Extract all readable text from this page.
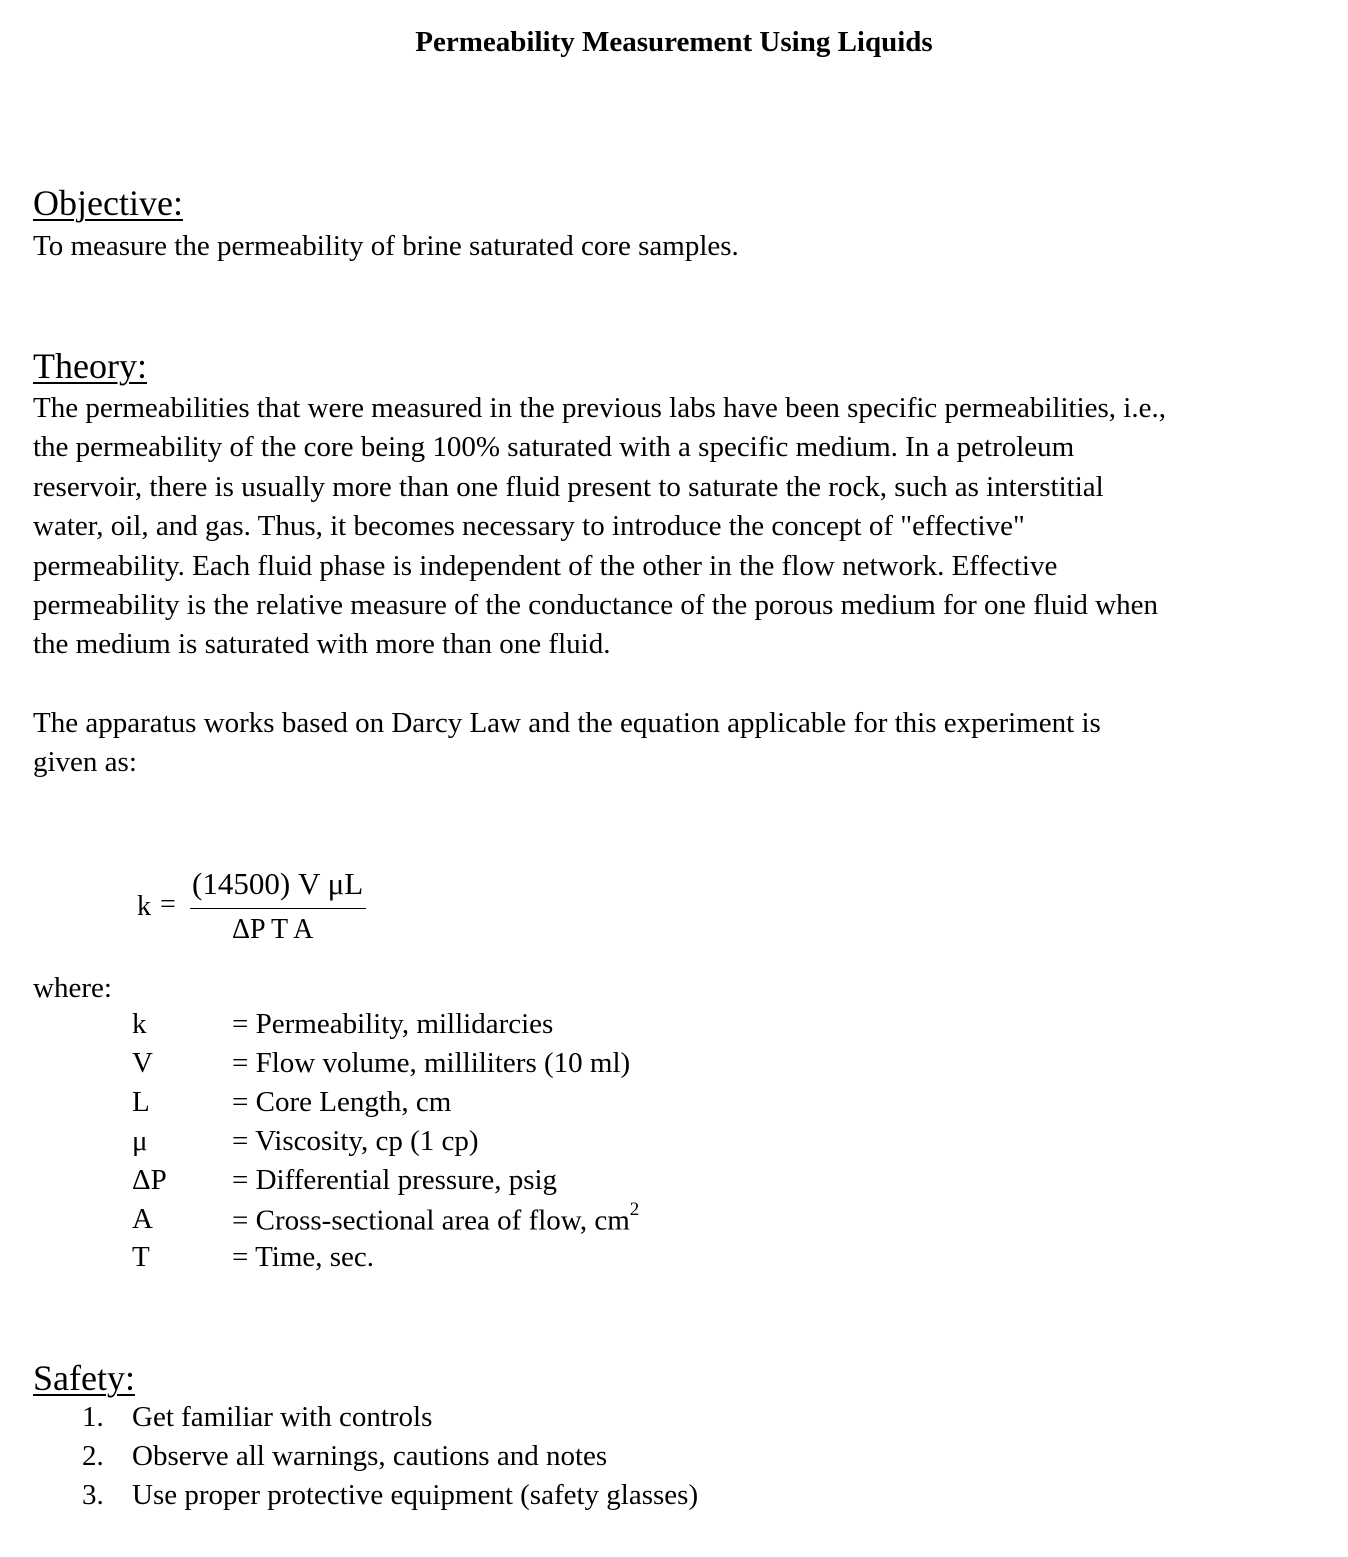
Permeability Measurement Using Liquids
Objective:
To measure the permeability of brine saturated core samples.
Theory:
The permeabilities that were measured in the previous labs have been specific permeabilities, i.e.,
the permeability of the core being 100% saturated with a specific medium. In a petroleum
reservoir, there is usually more than one fluid present to saturate the rock, such as interstitial
water, oil, and gas. Thus, it becomes necessary to introduce the concept of "effective"
permeability. Each fluid phase is independent of the other in the flow network. Effective
permeability is the relative measure of the conductance of the porous medium for one fluid when
the medium is saturated with more than one fluid.
The apparatus works based on Darcy Law and the equation applicable for this experiment is
given as:
k =
(14500) V μL
ΔP T A
where:
k	= Permeability, millidarcies
V	= Flow volume, milliliters (10 ml)
L	= Core Length, cm
μ	= Viscosity, cp (1 cp)
ΔP = Differential pressure, psig
A	= Cross-sectional area of flow, $cm^2$
T	= Time, sec.
Safety:
1. Get familiar with controls
2. Observe all warnings, cautions and notes
3. Use proper protective equipment (safety glasses)
